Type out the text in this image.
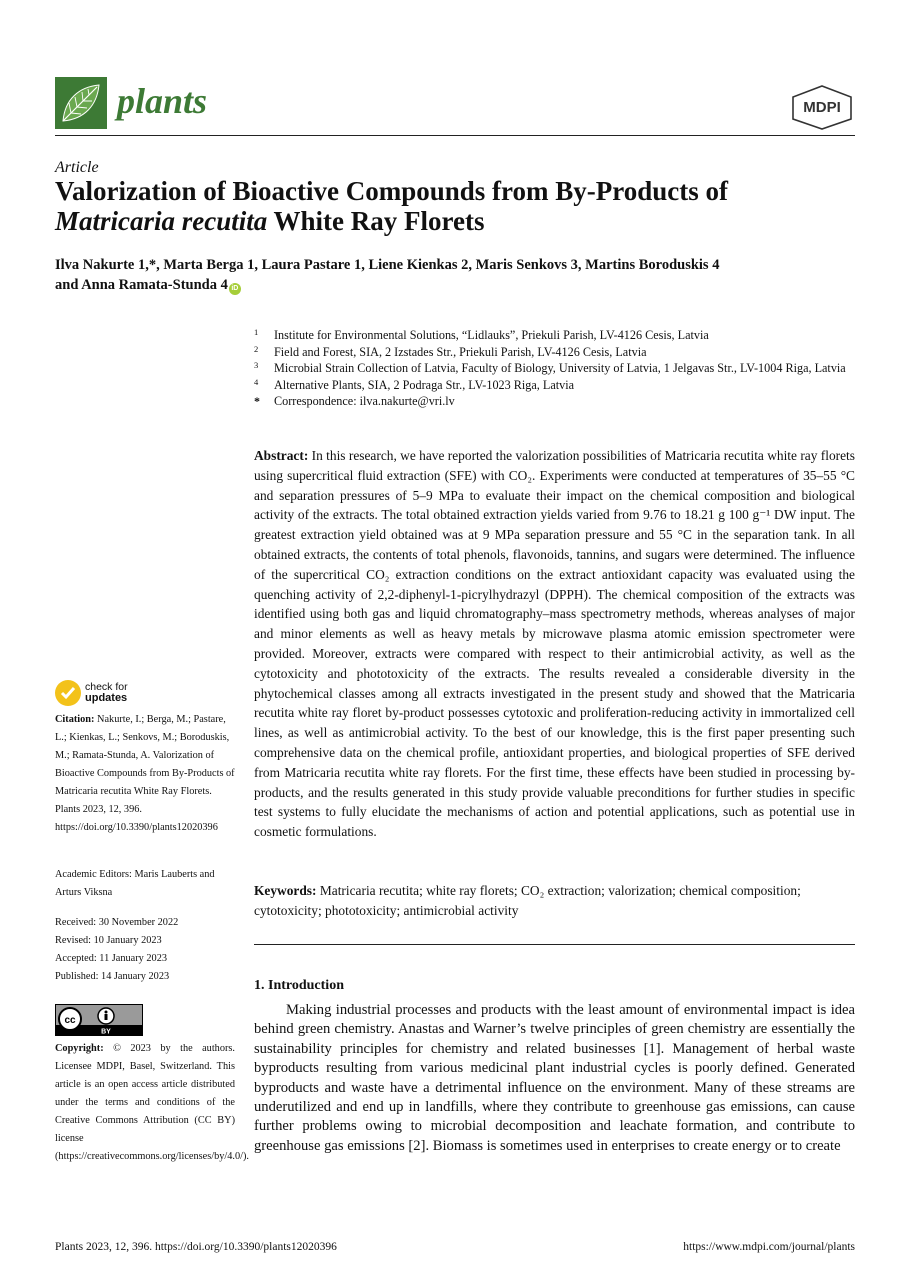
plants	MDPI
Article
Valorization of Bioactive Compounds from By-Products of
Matricaria recutita White Ray Florets
Ilva Nakurte 1,*, Marta Berga 1, Laura Pastare 1, Liene Kienkas 2, Maris Senkovs 3, Martins Boroduskis 4
and Anna Ramata-Stunda 4 iD
1 Institute for Environmental Solutions, “Lidlauks”, Priekuli Parish, LV-4126 Cesis, Latvia
2 Field and Forest, SIA, 2 Izstades Str., Priekuli Parish, LV-4126 Cesis, Latvia
3 Microbial Strain Collection of Latvia, Faculty of Biology, University of Latvia, 1 Jelgavas Str., LV-1004 Riga, Latvia
4 Alternative Plants, SIA, 2 Podraga Str., LV-1023 Riga, Latvia
* Correspondence: ilva.nakurte@vri.lv
Abstract: In this research, we have reported the valorization possibilities of Matricaria recutita white ray florets using supercritical fluid extraction (SFE) with CO₂. Experiments were conducted at temperatures of 35–55 °C and separation pressures of 5–9 MPa to evaluate their impact on the chemical composition and biological activity of the extracts. The total obtained extraction yields varied from 9.76 to 18.21 g 100 g⁻¹ DW input. The greatest extraction yield obtained was at 9 MPa separation pressure and 55 °C in the separation tank. In all obtained extracts, the contents of total phenols, flavonoids, tannins, and sugars were determined. The influence of the supercritical CO₂ extraction conditions on the extract antioxidant capacity was evaluated using the quenching activity of 2,2-diphenyl-1-picrylhydrazyl (DPPH). The chemical composition of the extracts was identified using both gas and liquid chromatography–mass spectrometry methods, whereas analyses of major and minor elements as well as heavy metals by microwave plasma atomic emission spectrometer were provided. Moreover, extracts were compared with respect to their antimicrobial activity, as well as the cytotoxicity and phototoxicity of the extracts. The results revealed a considerable diversity in the phytochemical classes among all extracts investigated in the present study and showed that the Matricaria recutita white ray floret by-product possesses cytotoxic and proliferation-reducing activity in immortalized cell lines, as well as antimicrobial activity. To the best of our knowledge, this is the first paper presenting such comprehensive data on the chemical profile, antioxidant properties, and biological properties of SFE derived from Matricaria recutita white ray florets. For the first time, these effects have been studied in processing by-products, and the results generated in this study provide valuable preconditions for further studies in specific test systems to fully elucidate the mechanisms of action and potential applications, such as potential use in cosmetic formulations.
Keywords: Matricaria recutita; white ray florets; CO₂ extraction; valorization; chemical composition; cytotoxicity; phototoxicity; antimicrobial activity
1. Introduction
Making industrial processes and products with the least amount of environmental impact is idea behind green chemistry. Anastas and Warner’s twelve principles of green chemistry are essentially the sustainability principles for chemistry and related businesses [1]. Management of herbal waste byproducts resulting from various medicinal plant industrial cycles is poorly defined. Generated byproducts and waste have a detrimental influence on the environment. Many of these streams are underutilized and end up in landfills, where they contribute to greenhouse gas emissions, can cause further problems owing to microbial decomposition and leachate formation, and contribute to greenhouse gas emissions [2]. Biomass is sometimes used in enterprises to create energy or to create
check for
updates
Citation: Nakurte, I.; Berga, M.; Pastare, L.; Kienkas, L.; Senkovs, M.; Boroduskis, M.; Ramata-Stunda, A. Valorization of Bioactive Compounds from By-Products of Matricaria recutita White Ray Florets. Plants 2023, 12, 396. https://doi.org/10.3390/plants12020396
Academic Editors: Maris Lauberts and Arturs Viksna
Received: 30 November 2022
Revised: 10 January 2023
Accepted: 11 January 2023
Published: 14 January 2023
cc
BY
Copyright: © 2023 by the authors. Licensee MDPI, Basel, Switzerland. This article is an open access article distributed under the terms and conditions of the Creative Commons Attribution (CC BY) license (https://creativecommons.org/licenses/by/4.0/).
Plants 2023, 12, 396. https://doi.org/10.3390/plants12020396	https://www.mdpi.com/journal/plants
